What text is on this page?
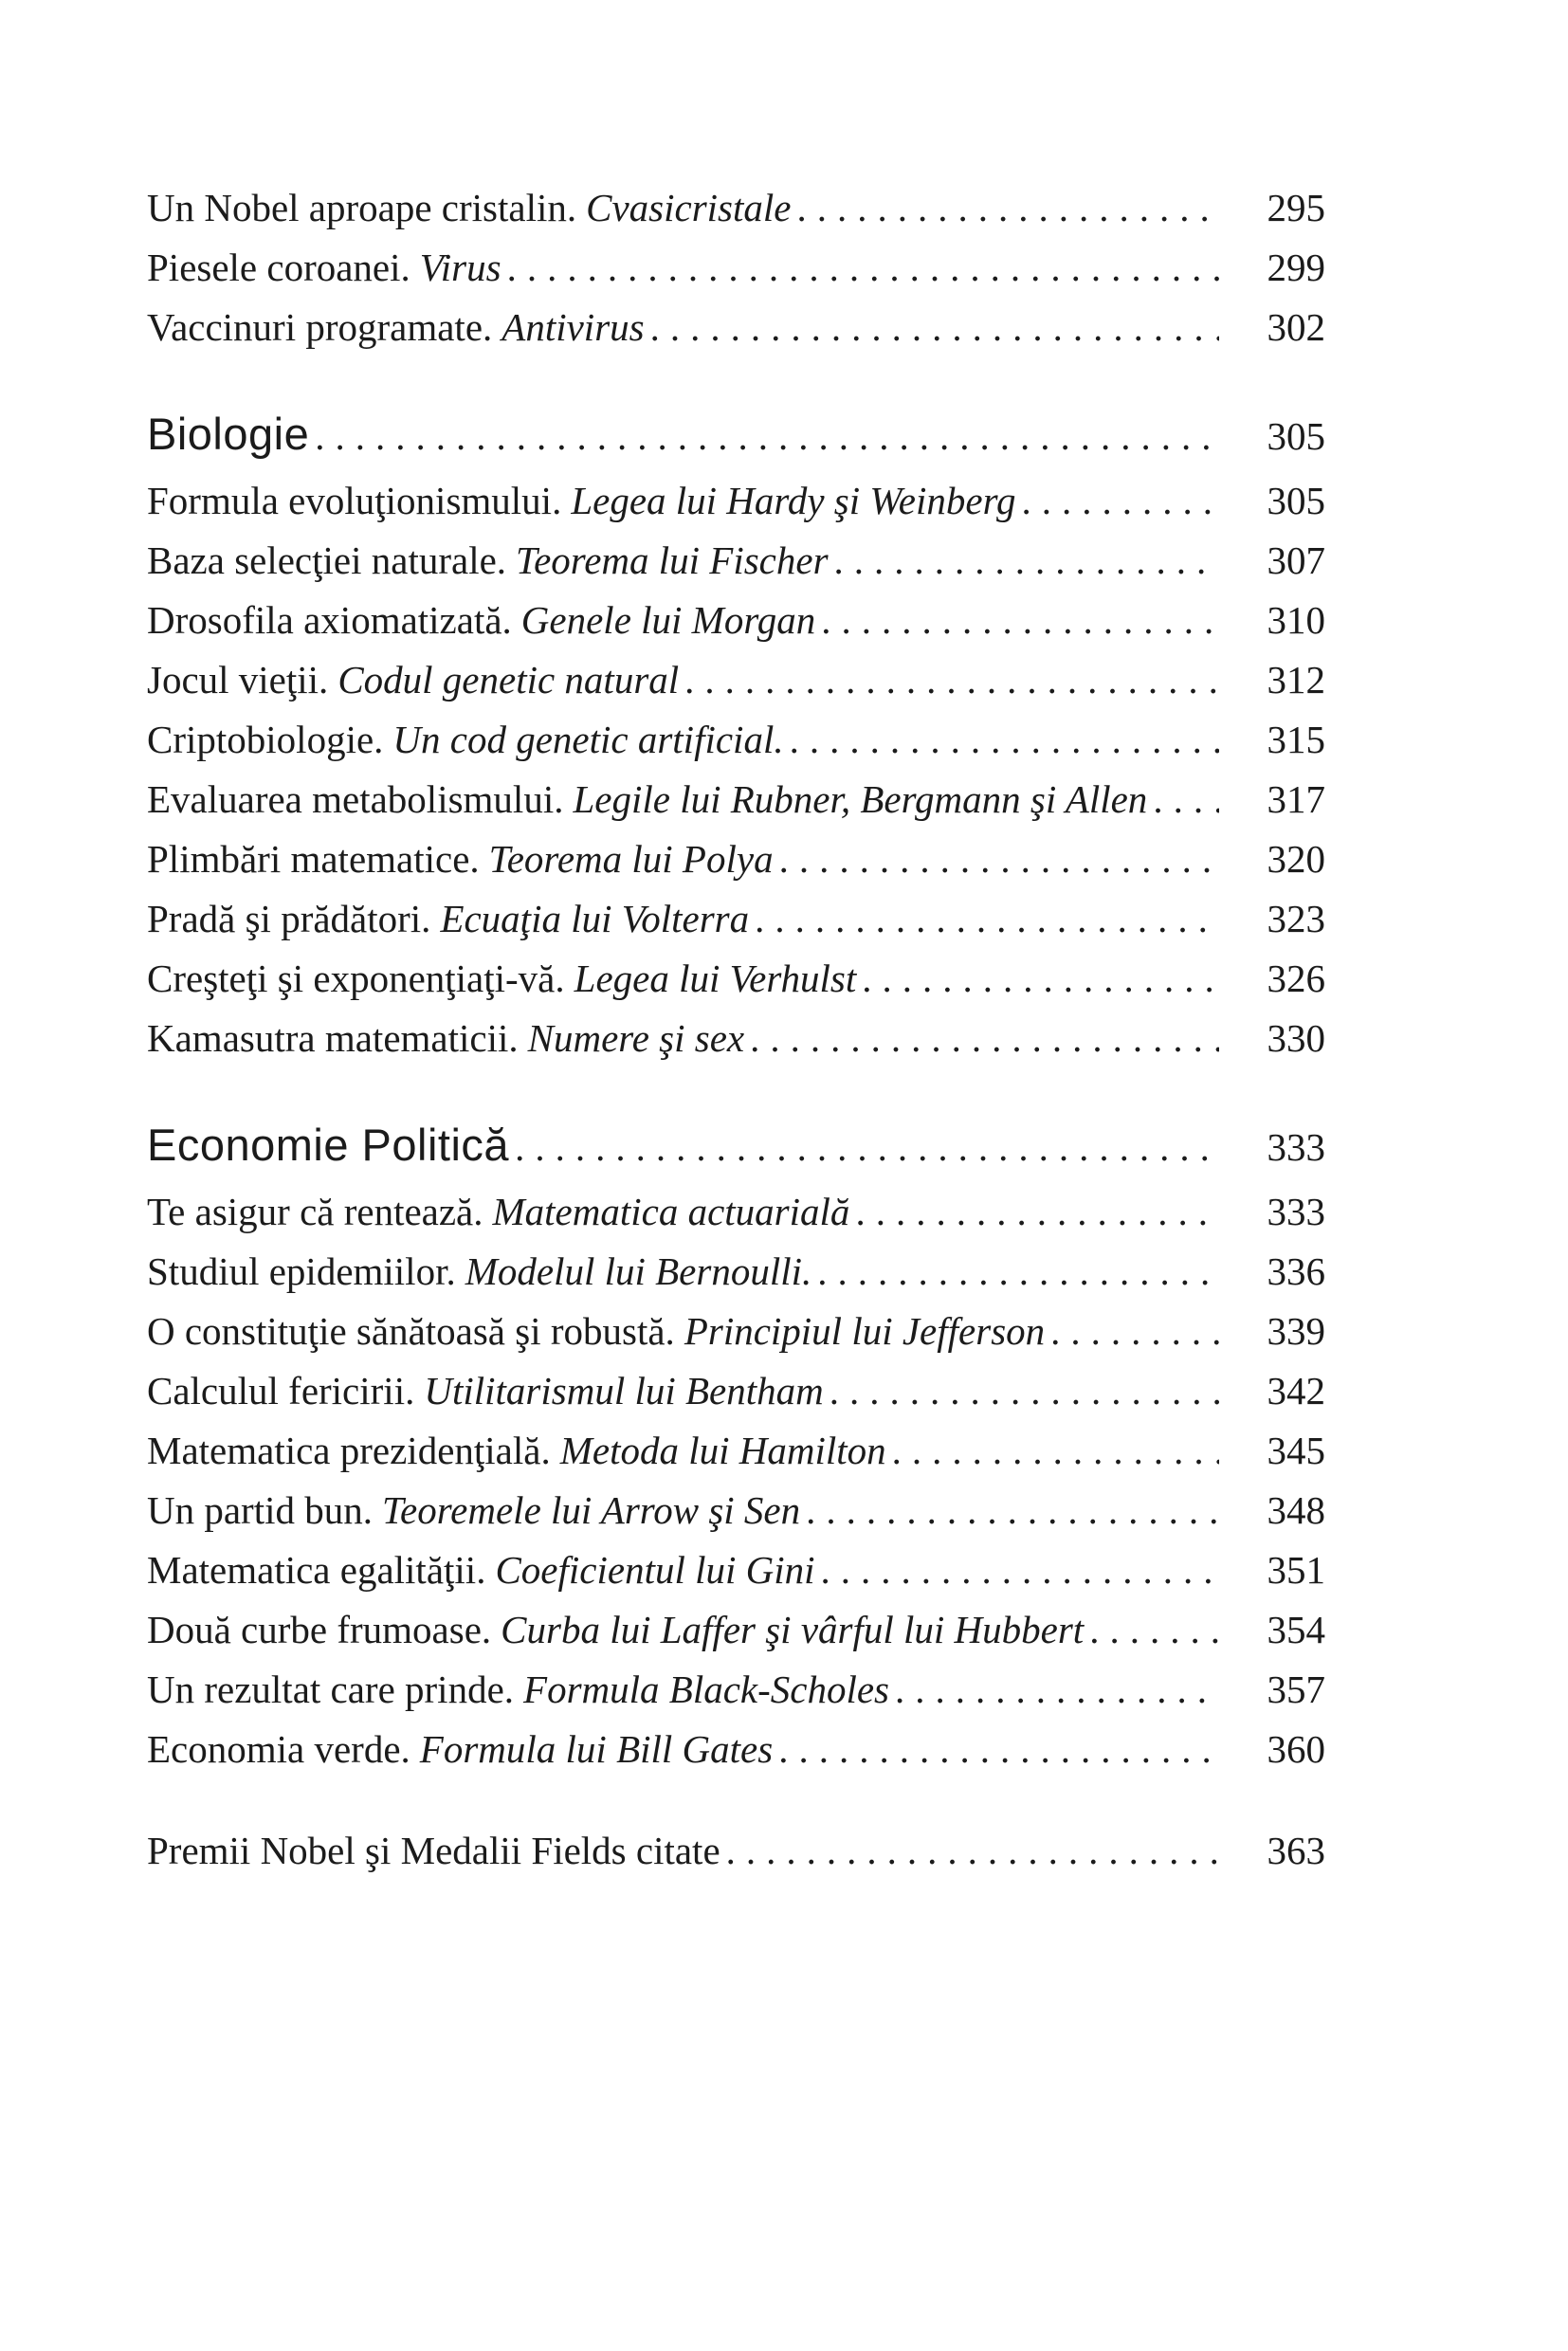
Un Nobel aproape cristalin. Cvasicristale .....	295
Piesele coroanei. Virus .....	299
Vaccinuri programate. Antivirus .....	302
Biologie .....	305
Formula evoluţionismului. Legea lui Hardy şi Weinberg .....	305
Baza selecţiei naturale. Teorema lui Fischer .....	307
Drosofila axiomatizată. Genele lui Morgan .....	310
Jocul vieţii. Codul genetic natural .....	312
Criptobiologie. Un cod genetic artificial. .....	315
Evaluarea metabolismului. Legile lui Rubner, Bergmann şi Allen .....	317
Plimbări matematice. Teorema lui Polya .....	320
Pradă şi prădători. Ecuaţia lui Volterra .....	323
Creşteţi şi exponenţiaţi-vă. Legea lui Verhulst .....	326
Kamasutra matematicii. Numere şi sex .....	330
Economie Politică .....	333
Te asigur că rentează. Matematica actuarială .....	333
Studiul epidemiilor. Modelul lui Bernoulli. .....	336
O constituţie sănătoasă şi robustă. Principiul lui Jefferson .....	339
Calculul fericirii. Utilitarismul lui Bentham .....	342
Matematica prezidenţială. Metoda lui Hamilton .....	345
Un partid bun. Teoremele lui Arrow şi Sen .....	348
Matematica egalităţii. Coeficientul lui Gini .....	351
Două curbe frumoase. Curba lui Laffer şi vârful lui Hubbert .....	354
Un rezultat care prinde. Formula Black-Scholes .....	357
Economia verde. Formula lui Bill Gates .....	360
Premii Nobel şi Medalii Fields citate .....	363
